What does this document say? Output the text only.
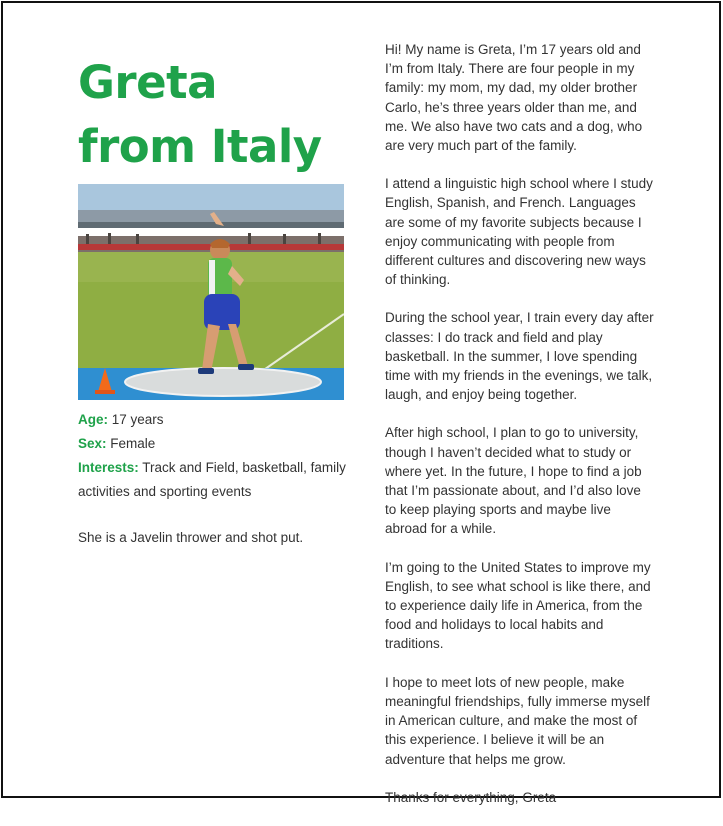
Greta
from Italy
Age: 17 years
Sex: Female
Interests: Track and Field, basketball, family activities and sporting events
She is a Javelin thrower and shot put.

Hi! My name is Greta, I’m 17 years old and I’m from Italy. There are four people in my family: my mom, my dad, my older brother Carlo, he’s three years older than me, and me. We also have two cats and a dog, who are very much part of the family.

I attend a linguistic high school where I study English, Spanish, and French. Languages are some of my favorite subjects because I enjoy communicating with people from different cultures and discovering new ways of thinking.

During the school year, I train every day after classes: I do track and field and play basketball. In the summer, I love spending time with my friends in the evenings, we talk, laugh, and enjoy being together.

After high school, I plan to go to university, though I haven’t decided what to study or where yet. In the future, I hope to find a job that I’m passionate about, and I’d also love to keep playing sports and maybe live abroad for a while.

I’m going to the United States to improve my English, to see what school is like there, and to experience daily life in America, from the food and holidays to local habits and traditions.

I hope to meet lots of new people, make meaningful friendships, fully immerse myself in American culture, and make the most of this experience. I believe it will be an adventure that helps me grow.

Thanks for everything, Greta
